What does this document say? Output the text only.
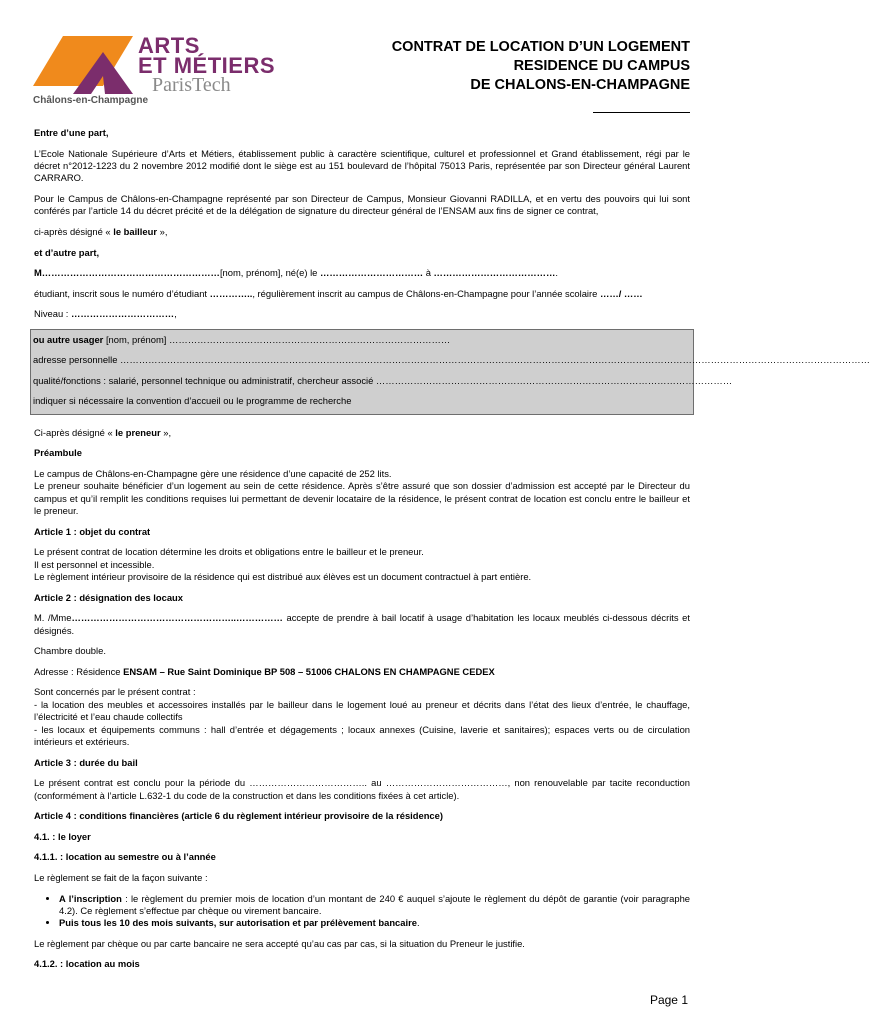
ARTS
ET MÉTIERS
ParisTech
Châlons-en-Champagne
CONTRAT DE LOCATION D’UN LOGEMENT
RESIDENCE DU CAMPUS
DE CHALONS-EN-CHAMPAGNE

Entre d’une part,

L’Ecole Nationale Supérieure d’Arts et Métiers, établissement public à caractère scientifique, culturel et professionnel et Grand établissement, régi par le décret n°2012-1223 du 2 novembre 2012 modifié dont le siège est au 151 boulevard de l’hôpital 75013 Paris, représentée par son Directeur général Laurent CARRARO.

Pour le Campus de Châlons-en-Champagne représenté par son Directeur de Campus, Monsieur Giovanni RADILLA, et en vertu des pouvoirs qui lui sont conférés par l’article 14 du décret précité et de la délégation de signature du directeur général de l’ENSAM aux fins de signer ce contrat,

ci-après désigné « le bailleur »,

et d’autre part,

M…………………………………………………[nom, prénom], né(e) le …………………………… à ………………………………….

étudiant, inscrit sous le numéro d’étudiant ………….., régulièrement inscrit au campus de Châlons-en-Champagne pour l’année scolaire ……/ ……

Niveau : ……………………………,

ou autre usager [nom, prénom] ………………………………………………………………………………

adresse personnelle ……………………………………………………………………………………………………………………………………………………………………………………………………………………

qualité/fonctions : salarié, personnel technique ou administratif, chercheur associé ……………………………………………………………………………………………………

indiquer si nécessaire la convention d’accueil ou le programme de recherche

Ci-après désigné « le preneur »,

Préambule

Le campus de Châlons-en-Champagne gère une résidence d’une capacité de 252 lits.
Le preneur souhaite bénéficier d’un logement au sein de cette résidence. Après s’être assuré que son dossier d’admission est accepté par le Directeur du campus et qu’il remplit les conditions requises lui permettant de devenir locataire de la résidence, le présent contrat de location est conclu entre le bailleur et le preneur.

Article 1 : objet du contrat

Le présent contrat de location détermine les droits et obligations entre le bailleur et le preneur.
Il est personnel et incessible.
Le règlement intérieur provisoire de la résidence qui est distribué aux élèves est un document contractuel à part entière.

Article 2 : désignation des locaux

M. /Mme……………………………………………..…………… accepte de prendre à bail locatif à usage d’habitation les locaux meublés ci-dessous décrits et désignés.

Chambre double.

Adresse : Résidence ENSAM – Rue Saint Dominique BP 508 – 51006 CHALONS EN CHAMPAGNE CEDEX

Sont concernés par le présent contrat :
- la location des meubles et accessoires installés par le bailleur dans le logement loué au preneur et décrits dans l’état des lieux d’entrée, le chauffage, l’électricité et l’eau chaude collectifs
- les locaux et équipements communs : hall d’entrée et dégagements ; locaux annexes (Cuisine, laverie et sanitaires); espaces verts ou de circulation intérieurs et extérieurs.

Article 3 : durée du bail

Le présent contrat est conclu pour la période du ……………………………….. au …………………………………, non renouvelable par tacite reconduction (conformément à l’article L.632-1 du code de la construction et dans les conditions fixées à cet article).

Article 4 : conditions financières (article 6 du règlement intérieur provisoire de la résidence)

4.1. : le loyer

4.1.1. : location au semestre ou à l’année

Le règlement se fait de la façon suivante :

• A l’inscription : le règlement du premier mois de location d’un montant de 240 € auquel s’ajoute le règlement du dépôt de garantie (voir paragraphe 4.2). Ce règlement s’effectue par chèque ou virement bancaire.
• Puis tous les 10 des mois suivants, sur autorisation et par prélèvement bancaire.

Le règlement par chèque ou par carte bancaire ne sera accepté qu’au cas par cas, si la situation du Preneur le justifie.

4.1.2. : location au mois

Page 1
